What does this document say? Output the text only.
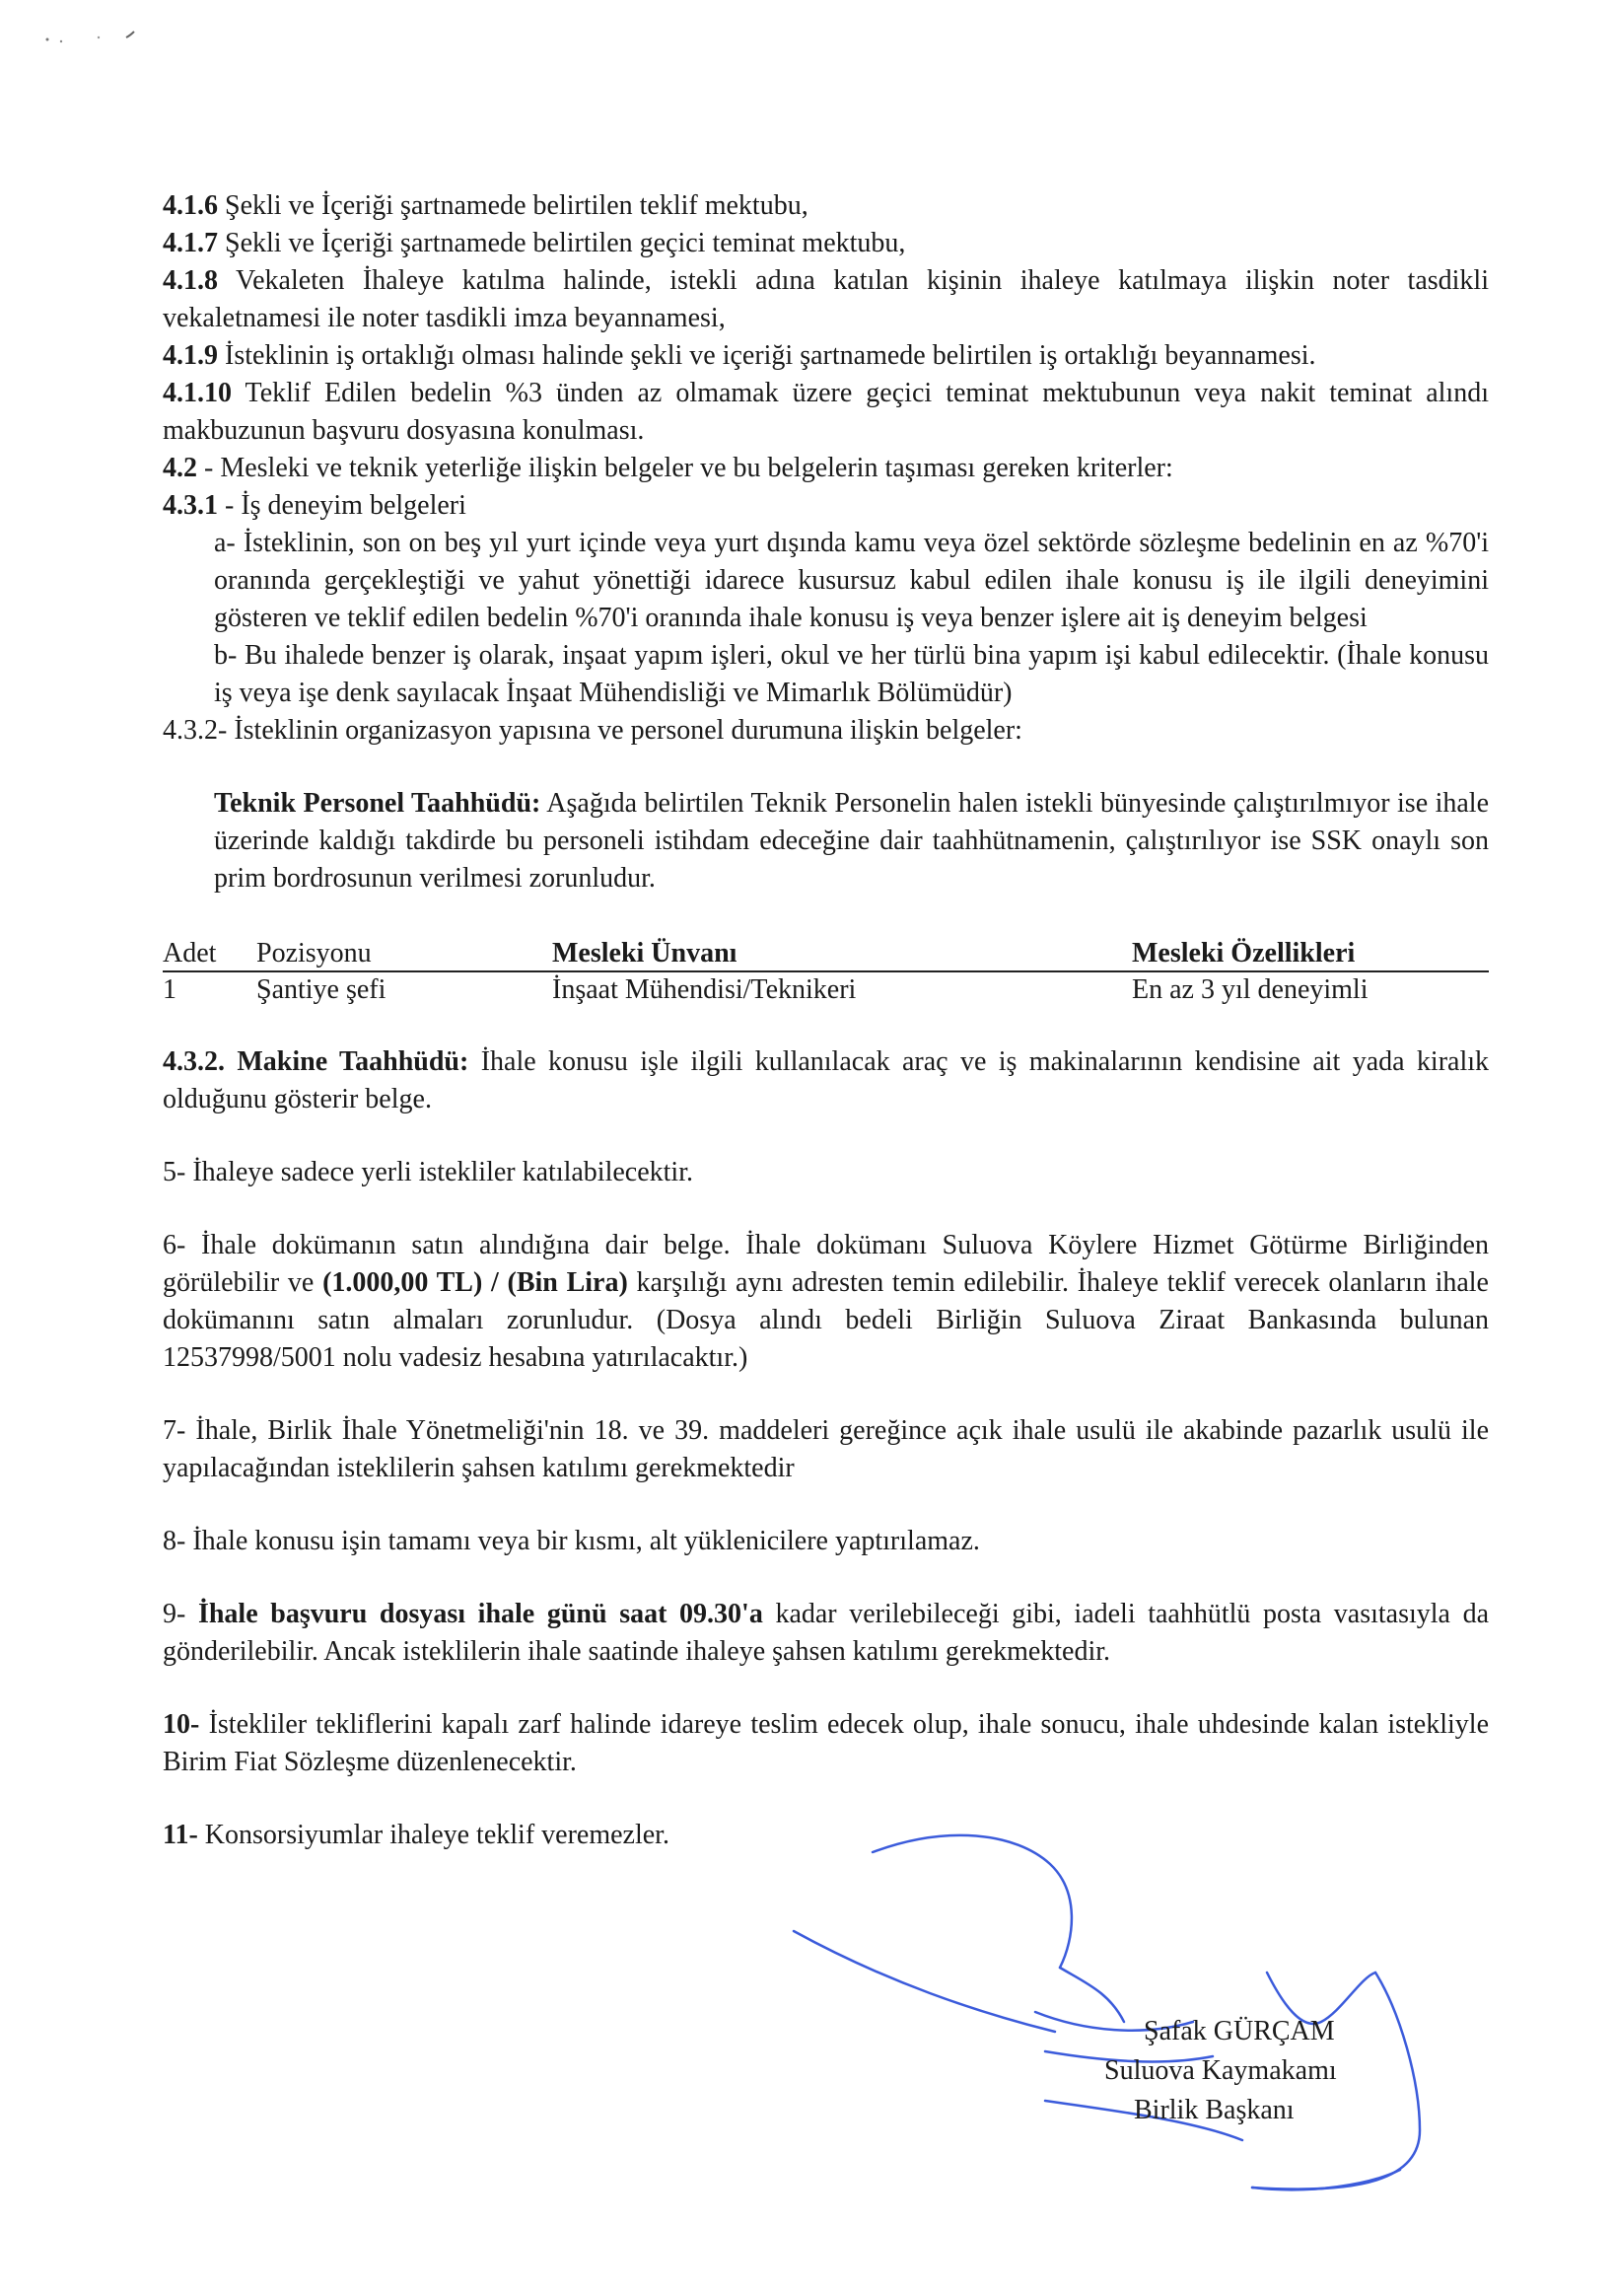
4.1.6 Şekli ve İçeriği şartnamede belirtilen teklif mektubu,

4.1.7 Şekli ve İçeriği şartnamede belirtilen geçici teminat mektubu,

4.1.8 Vekaleten İhaleye katılma halinde, istekli adına katılan kişinin ihaleye katılmaya ilişkin noter tasdikli vekaletnamesi ile noter tasdikli imza beyannamesi,

4.1.9 İsteklinin iş ortaklığı olması halinde şekli ve içeriği şartnamede belirtilen iş ortaklığı beyannamesi.

4.1.10 Teklif Edilen bedelin %3 ünden az olmamak üzere geçici teminat mektubunun veya nakit teminat alındı makbuzunun başvuru dosyasına konulması.

4.2 - Mesleki ve teknik yeterliğe ilişkin belgeler ve bu belgelerin taşıması gereken kriterler:

4.3.1 - İş deneyim belgeleri

a- İsteklinin, son on beş yıl yurt içinde veya yurt dışında kamu veya özel sektörde sözleşme bedelinin en az %70'i oranında gerçekleştiği ve yahut yönettiği idarece kusursuz kabul edilen ihale konusu iş ile ilgili deneyimini gösteren ve teklif edilen bedelin %70'i oranında ihale konusu iş veya benzer işlere ait iş deneyim belgesi

b- Bu ihalede benzer iş olarak, inşaat yapım işleri, okul ve her türlü bina yapım işi kabul edilecektir. (İhale konusu iş veya işe denk sayılacak İnşaat Mühendisliği ve Mimarlık Bölümüdür)

4.3.2- İsteklinin organizasyon yapısına ve personel durumuna ilişkin belgeler:

Teknik Personel Taahhüdü: Aşağıda belirtilen Teknik Personelin halen istekli bünyesinde çalıştırılmıyor ise ihale üzerinde kaldığı takdirde bu personeli istihdam edeceğine dair taahhütnamenin, çalıştırılıyor ise SSK onaylı son prim bordrosunun verilmesi zorunludur.

Adet	Pozisyonu	Mesleki Ünvanı	Mesleki Özellikleri
1	Şantiye şefi	İnşaat Mühendisi/Teknikeri	En az 3 yıl deneyimli

4.3.2. Makine Taahhüdü: İhale konusu işle ilgili kullanılacak araç ve iş makinalarının kendisine ait yada kiralık olduğunu gösterir belge.

5- İhaleye sadece yerli istekliler katılabilecektir.

6- İhale dokümanın satın alındığına dair belge. İhale dokümanı Suluova Köylere Hizmet Götürme Birliğinden görülebilir ve (1.000,00 TL) / (Bin Lira) karşılığı aynı adresten temin edilebilir. İhaleye teklif verecek olanların ihale dokümanını satın almaları zorunludur. (Dosya alındı bedeli Birliğin Suluova Ziraat Bankasında bulunan 12537998/5001 nolu vadesiz hesabına yatırılacaktır.)

7- İhale, Birlik İhale Yönetmeliği'nin 18. ve 39. maddeleri gereğince açık ihale usulü ile akabinde pazarlık usulü ile yapılacağından isteklilerin şahsen katılımı gerekmektedir

8- İhale konusu işin tamamı veya bir kısmı, alt yüklenicilere yaptırılamaz.

9- İhale başvuru dosyası ihale günü saat 09.30'a kadar verilebileceği gibi, iadeli taahhütlü posta vasıtasıyla da gönderilebilir. Ancak isteklilerin ihale saatinde ihaleye şahsen katılımı gerekmektedir.

10- İstekliler tekliflerini kapalı zarf halinde idareye teslim edecek olup, ihale sonucu, ihale uhdesinde kalan istekliyle Birim Fiat Sözleşme düzenlenecektir.

11- Konsorsiyumlar ihaleye teklif veremezler.

Şafak GÜRÇAM

Suluova Kaymakamı

Birlik Başkanı
